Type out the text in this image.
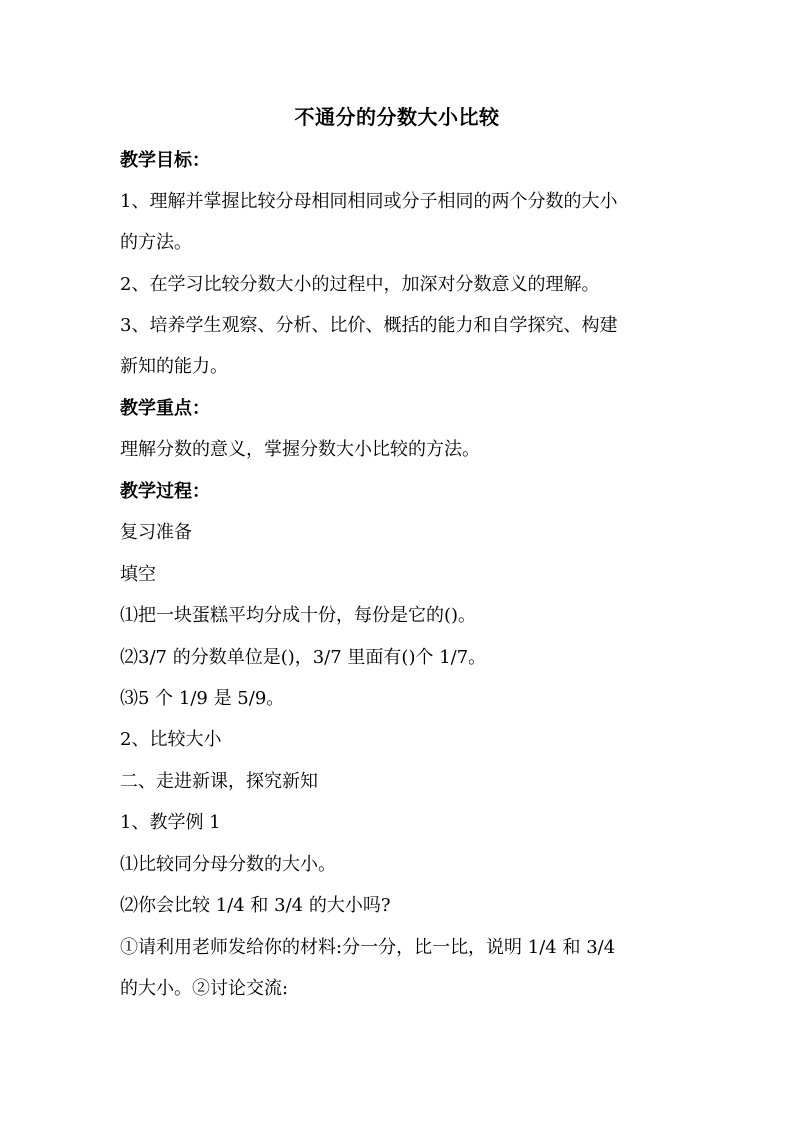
不通分的分数大小比较
教学目标：
1、理解并掌握比较分母相同相同或分子相同的两个分数的大小
的方法。
2、在学习比较分数大小的过程中，加深对分数意义的理解。
3、培养学生观察、分析、比价、概括的能力和自学探究、构建
新知的能力。
教学重点：
理解分数的意义，掌握分数大小比较的方法。
教学过程：
复习准备
填空
⑴把一块蛋糕平均分成十份，每份是它的()。
⑵3/7 的分数单位是()，3/7 里面有()个 1/7。
⑶5 个 1/9 是 5/9。
2、比较大小
二、走进新课，探究新知
1、教学例 1
⑴比较同分母分数的大小。
⑵你会比较 1/4 和 3/4 的大小吗?
①请利用老师发给你的材料:分一分，比一比，说明 1/4 和 3/4
的大小。②讨论交流:
